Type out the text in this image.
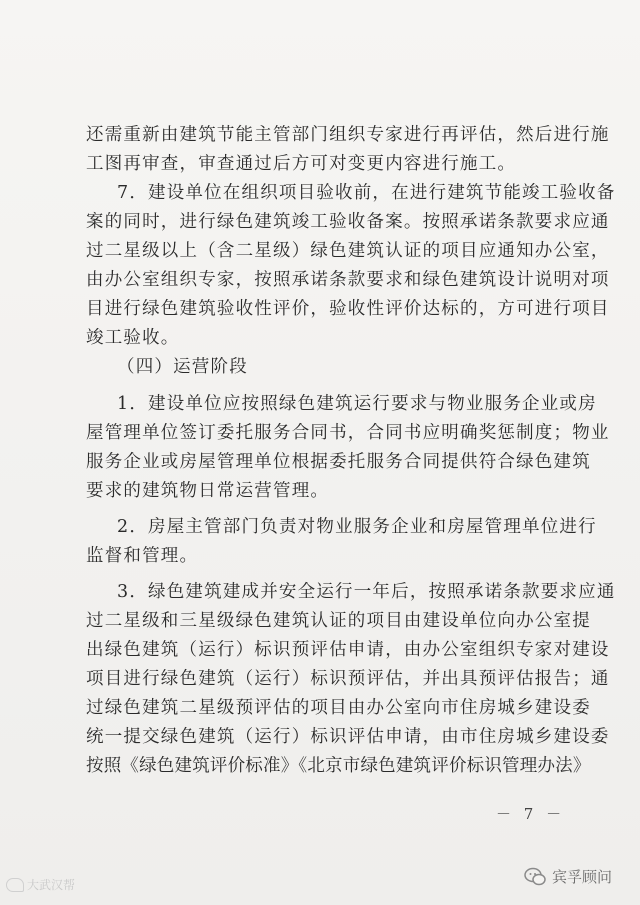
还需重新由建筑节能主管部门组织专家进行再评估，然后进行施
工图再审查，审查通过后方可对变更内容进行施工。
7．建设单位在组织项目验收前，在进行建筑节能竣工验收备
案的同时，进行绿色建筑竣工验收备案。按照承诺条款要求应通
过二星级以上（含二星级）绿色建筑认证的项目应通知办公室，
由办公室组织专家，按照承诺条款要求和绿色建筑设计说明对项
目进行绿色建筑验收性评价，验收性评价达标的，方可进行项目
竣工验收。
（四）运营阶段
1．建设单位应按照绿色建筑运行要求与物业服务企业或房
屋管理单位签订委托服务合同书，合同书应明确奖惩制度；物业
服务企业或房屋管理单位根据委托服务合同提供符合绿色建筑
要求的建筑物日常运营管理。
2．房屋主管部门负责对物业服务企业和房屋管理单位进行
监督和管理。
3．绿色建筑建成并安全运行一年后，按照承诺条款要求应通
过二星级和三星级绿色建筑认证的项目由建设单位向办公室提
出绿色建筑（运行）标识预评估申请，由办公室组织专家对建设
项目进行绿色建筑（运行）标识预评估，并出具预评估报告；通
过绿色建筑二星级预评估的项目由办公室向市住房城乡建设委
统一提交绿色建筑（运行）标识评估申请，由市住房城乡建设委
按照《绿色建筑评价标准》《北京市绿色建筑评价标识管理办法》
－ 7 －
大武汉帮	宾孚顾问
